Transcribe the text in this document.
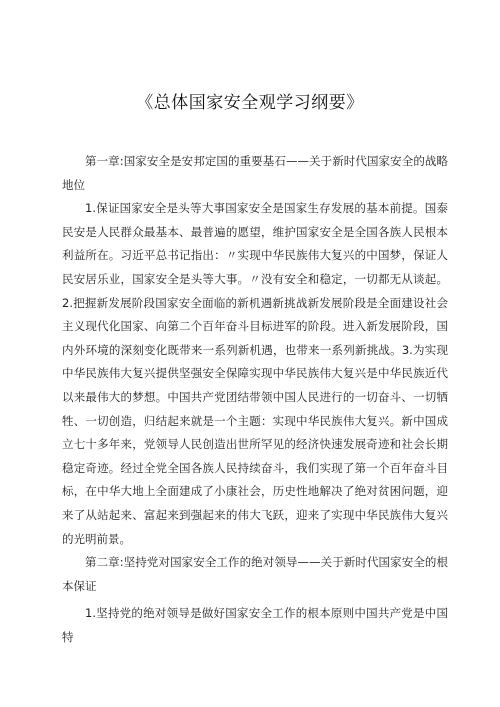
《总体国家安全观学习纲要》

第一章:国家安全是安邦定国的重要基石——关于新时代国家安全的战略地位

1.保证国家安全是头等大事国家安全是国家生存发展的基本前提。国泰民安是人民群众最基本、最普遍的愿望，维护国家安全是全国各族人民根本利益所在。习近平总书记指出：〃实现中华民族伟大复兴的中国梦，保证人民安居乐业，国家安全是头等大事。〃没有安全和稳定，一切都无从谈起。2.把握新发展阶段国家安全面临的新机遇新挑战新发展阶段是全面建设社会主义现代化国家、向第二个百年奋斗目标进军的阶段。进入新发展阶段，国内外环境的深刻变化既带来一系列新机遇，也带来一系列新挑战。3.为实现中华民族伟大复兴提供坚强安全保障实现中华民族伟大复兴是中华民族近代以来最伟大的梦想。中国共产党团结带领中国人民进行的一切奋斗、一切牺牲、一切创造，归结起来就是一个主题：实现中华民族伟大复兴。新中国成立七十多年来，党领导人民创造出世所罕见的经济快速发展奇迹和社会长期稳定奇迹。经过全党全国各族人民持续奋斗，我们实现了第一个百年奋斗目标，在中华大地上全面建成了小康社会，历史性地解决了绝对贫困问题，迎来了从站起来、富起来到强起来的伟大飞跃，迎来了实现中华民族伟大复兴的光明前景。

第二章:坚持党对国家安全工作的绝对领导——关于新时代国家安全的根本保证

1.坚持党的绝对领导是做好国家安全工作的根本原则中国共产党是中国特
